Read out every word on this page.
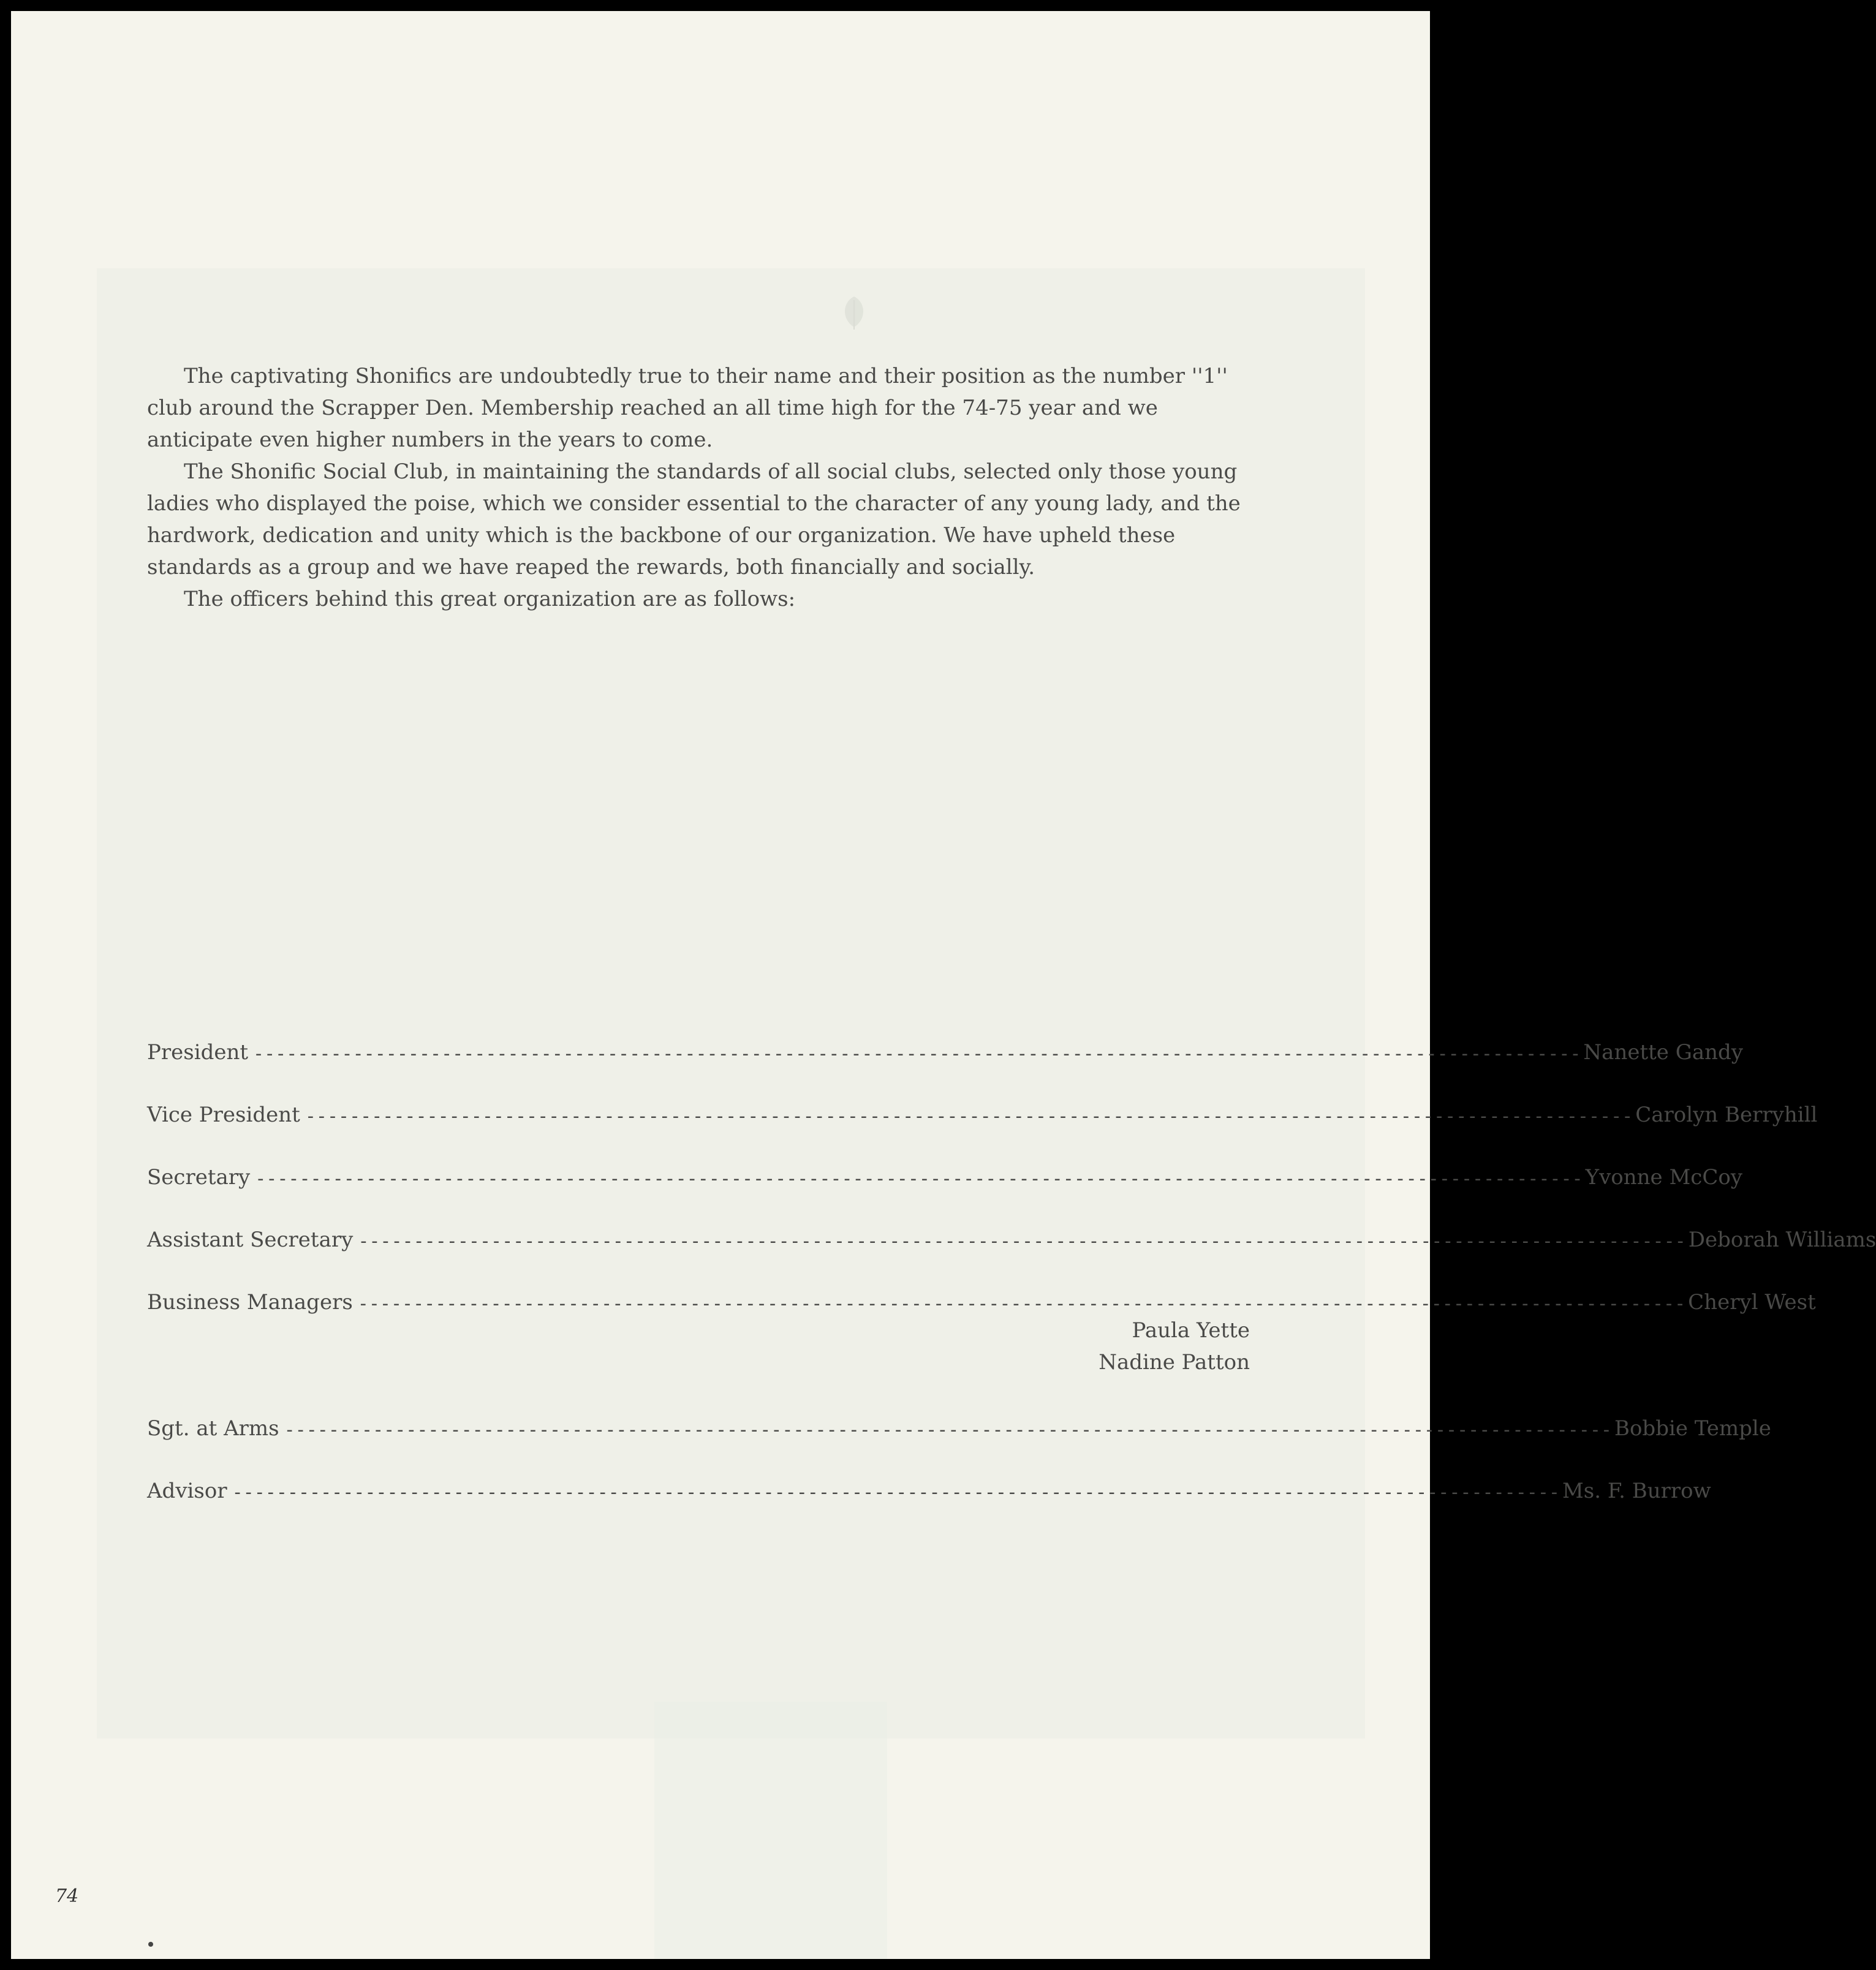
The captivating Shonifics are undoubtedly true to their name and their position as the number ''1'' club around the Scrapper Den. Membership reached an all time high for the 74-75 year and we anticipate even higher numbers in the years to come.

The Shonific Social Club, in maintaining the standards of all social clubs, selected only those young ladies who displayed the poise, which we consider essential to the character of any young lady, and the hardwork, dedication and unity which is the backbone of our organization. We have upheld these standards as a group and we have reaped the rewards, both financially and socially.

The officers behind this great organization are as follows:

President ------------------------------------------------------------------------------------------------------------------------ Nanette Gandy
Vice President ------------------------------------------------------------------------------------------------------------------------ Carolyn Berryhill
Secretary ------------------------------------------------------------------------------------------------------------------------ Yvonne McCoy
Assistant Secretary ------------------------------------------------------------------------------------------------------------------------ Deborah Williams
Business Managers ------------------------------------------------------------------------------------------------------------------------ Cheryl West
Paula Yette
Nadine Patton
Sgt. at Arms ------------------------------------------------------------------------------------------------------------------------ Bobbie Temple
Advisor ------------------------------------------------------------------------------------------------------------------------ Ms. F. Burrow
74
